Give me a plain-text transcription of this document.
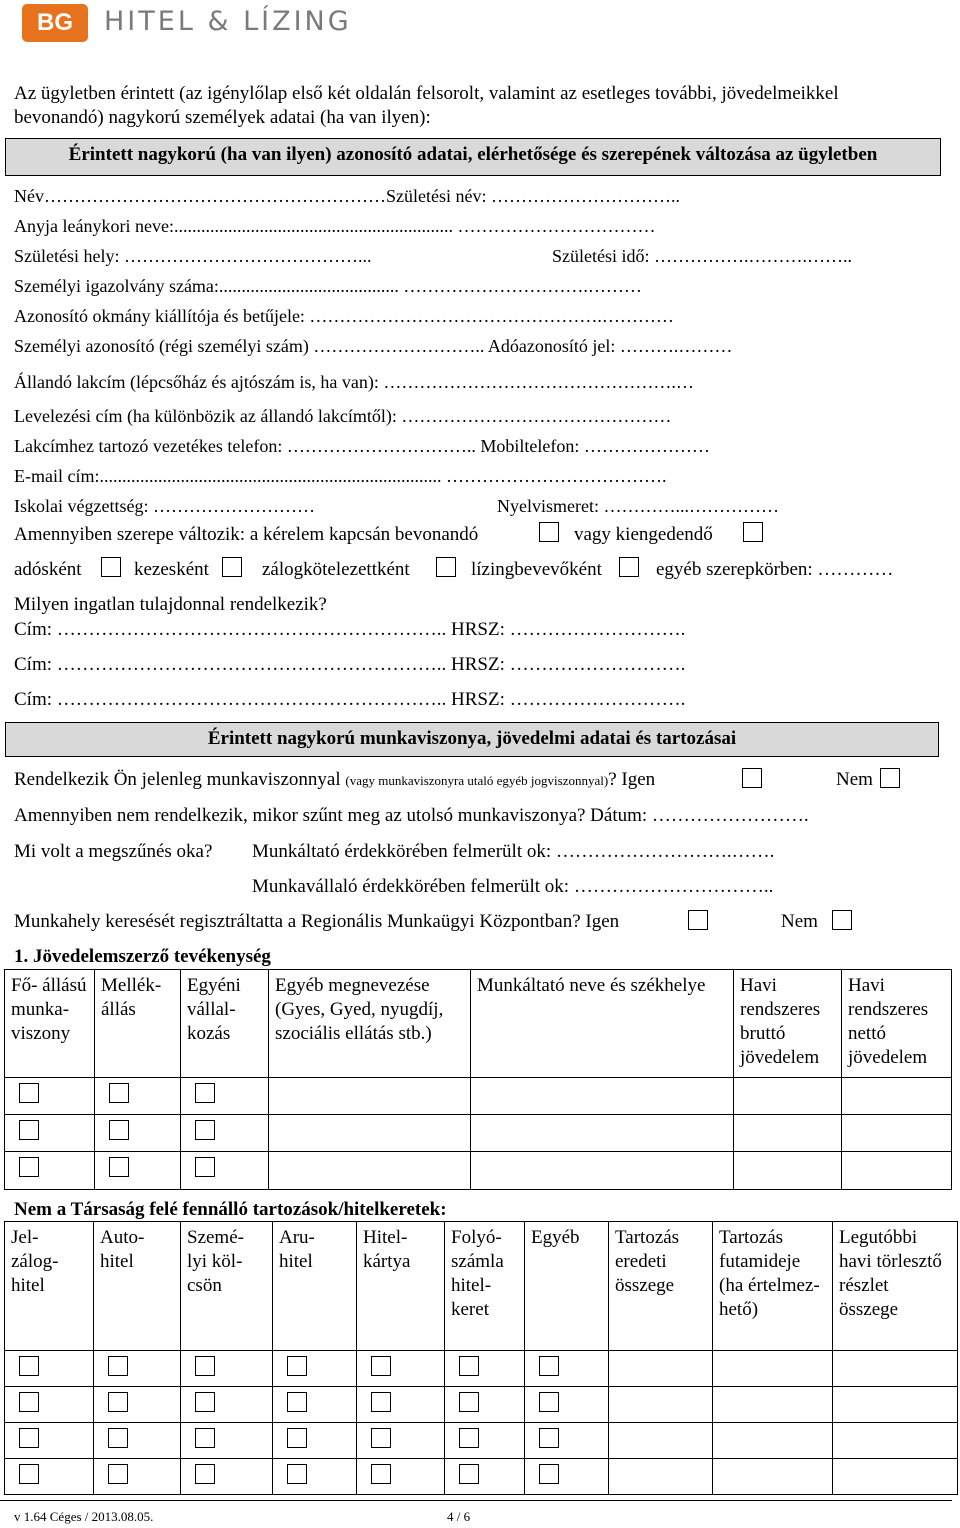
BG	HITEL & LÍZING
Az ügyletben érintett (az igénylőlap első két oldalán felsorolt, valamint az esetleges további, jövedelmeikkel
bevonandó) nagykorú személyek adatai (ha van ilyen):
Érintett nagykorú (ha van ilyen) azonosító adatai, elérhetősége és szerepének változása az ügyletben
Név…………………………………………………Születési név: …………………………..
Anyja leánykori neve:.............................................................. ……………………………
Születési hely: …………………………………...	Születési idő: …………….……….……..
Személyi igazolvány száma:........................................ ………………………….………
Azonosító okmány kiállítója és betűjele: ………………………………………….…………
Személyi azonosító (régi személyi szám) ……………………….. Adóazonosító jel: ……….………
Állandó lakcím (lépcsőház és ajtószám is, ha van): ………………………………………….…
Levelezési cím (ha különbözik az állandó lakcímtől): ………………………………………
Lakcímhez tartozó vezetékes telefon: ………………………….. Mobiltelefon: …………………
E-mail cím:............................................................................ ……………………………….
Iskolai végzettség: ………………………	Nyelvismeret: …………...……………
Amennyiben szerepe változik: a kérelem kapcsán bevonandó	vagy kiengedendő
adósként	kezesként	zálogkötelezettként	lízingbevevőként	egyéb szerepkörben: …………
Milyen ingatlan tulajdonnal rendelkezik?
Cím: …………………………………………………….. HRSZ: ……………………….
Cím: …………………………………………………….. HRSZ: ……………………….
Cím: …………………………………………………….. HRSZ: ……………………….
Érintett nagykorú munkaviszonya, jövedelmi adatai és tartozásai
Rendelkezik Ön jelenleg munkaviszonnyal (vagy munkaviszonyra utaló egyéb jogviszonnyal)? Igen	Nem
Amennyiben nem rendelkezik, mikor szűnt meg az utolsó munkaviszonya? Dátum: …………………….
Mi volt a megszűnés oka? Munkáltató érdekkörében felmerült ok: ……………………….…….
Munkavállaló érdekkörében felmerült ok: …………………………..
Munkahely keresését regisztráltatta a Regionális Munkaügyi Központban? Igen	Nem
1. Jövedelemszerző tevékenység
Fő- állású munka- viszony	Mellék- állás	Egyéni vállal- kozás	Egyéb megnevezése (Gyes, Gyed, nyugdíj, szociális ellátás stb.)	Munkáltató neve és székhelye	Havi rendszeres bruttó jövedelem	Havi rendszeres nettó jövedelem

Nem a Társaság felé fennálló tartozások/hitelkeretek:
Jel- zálog- hitel	Auto- hitel	Szemé- lyi köl- csön	Aru- hitel	Hitel- kártya	Folyó- számla hitel- keret	Egyéb	Tartozás eredeti összege	Tartozás futamideje (ha értelmez- hető)	Legutóbbi havi törlesztő részlet összege

v 1.64 Céges / 2013.08.05.	4 / 6
